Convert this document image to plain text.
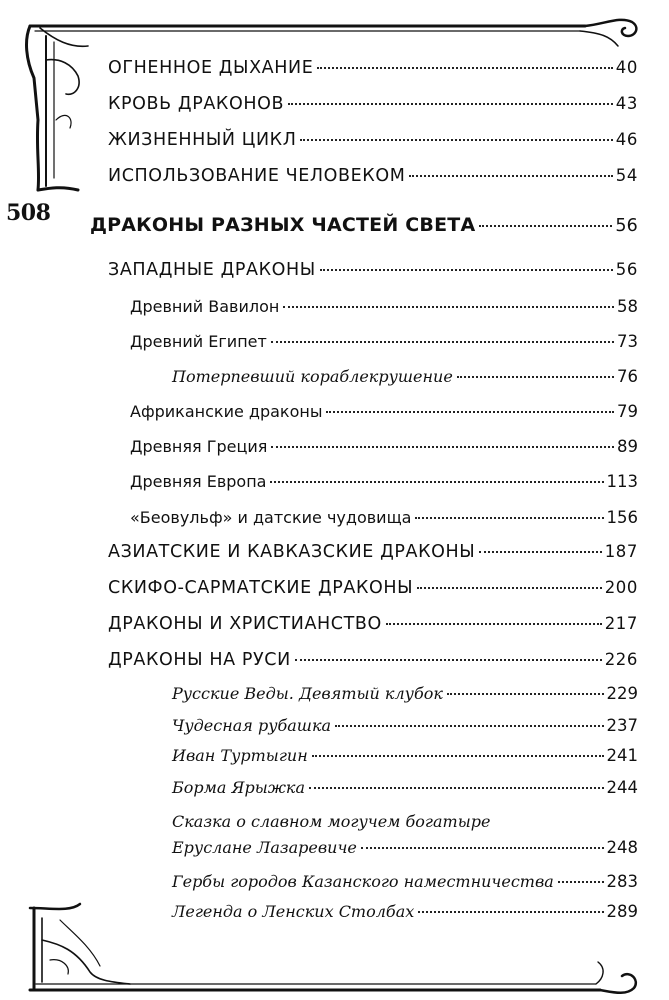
508
ОГНЕННОЕ ДЫХАНИЕ	40
КРОВЬ ДРАКОНОВ	43
ЖИЗНЕННЫЙ ЦИКЛ	46
ИСПОЛЬЗОВАНИЕ ЧЕЛОВЕКОМ	54
ДРАКОНЫ РАЗНЫХ ЧАСТЕЙ СВЕТА	56
ЗАПАДНЫЕ ДРАКОНЫ	56
Древний Вавилон	58
Древний Египет	73
Потерпевший кораблекрушение	76
Африканские драконы	79
Древняя Греция	89
Древняя Европа	113
«Беовульф» и датские чудовища	156
АЗИАТСКИЕ И КАВКАЗСКИЕ ДРАКОНЫ	187
СКИФО-САРМАТСКИЕ ДРАКОНЫ	200
ДРАКОНЫ И ХРИСТИАНСТВО	217
ДРАКОНЫ НА РУСИ	226
Русские Веды. Девятый клубок	229
Чудесная рубашка	237
Иван Туртыгин	241
Борма Ярыжка	244
Сказка о славном могучем богатыре
Еруслане Лазаревиче	248
Гербы городов Казанского наместничества	283
Легенда о Ленских Столбах	289
